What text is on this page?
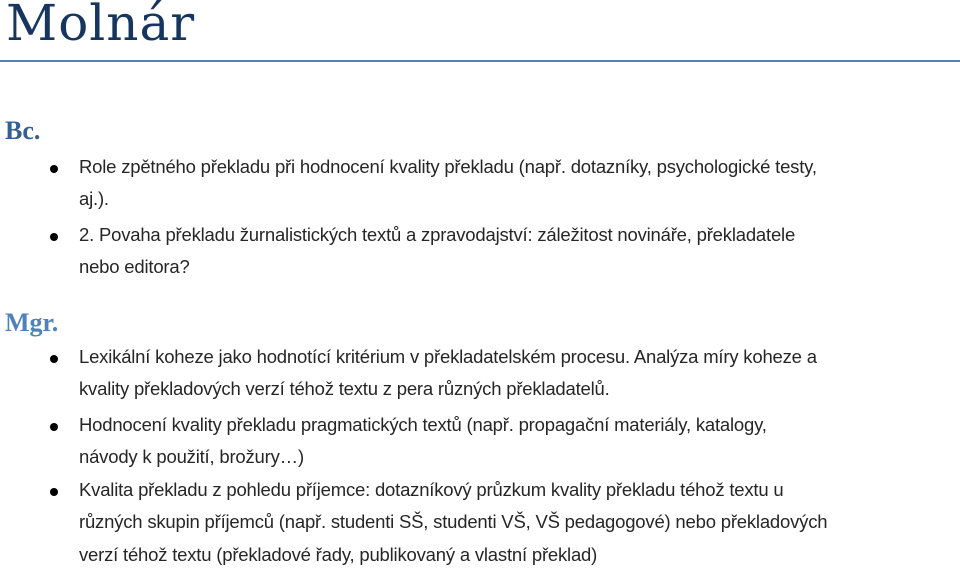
Molnár
Bc.
Role zpětného překladu při hodnocení kvality překladu (např. dotazníky, psychologické testy,
aj.).
2. Povaha překladu žurnalistických textů a zpravodajství: záležitost novináře, překladatele
nebo editora?
Mgr.
Lexikální koheze jako hodnotící kritérium v překladatelském procesu. Analýza míry koheze a
kvality překladových verzí téhož textu z pera různých překladatelů.
Hodnocení kvality překladu pragmatických textů (např. propagační materiály, katalogy,
návody k použití, brožury…)
Kvalita překladu z pohledu příjemce: dotazníkový průzkum kvality překladu téhož textu u
různých skupin příjemců (např. studenti SŠ, studenti VŠ, VŠ pedagogové) nebo překladových
verzí téhož textu (překladové řady, publikovaný a vlastní překlad)
